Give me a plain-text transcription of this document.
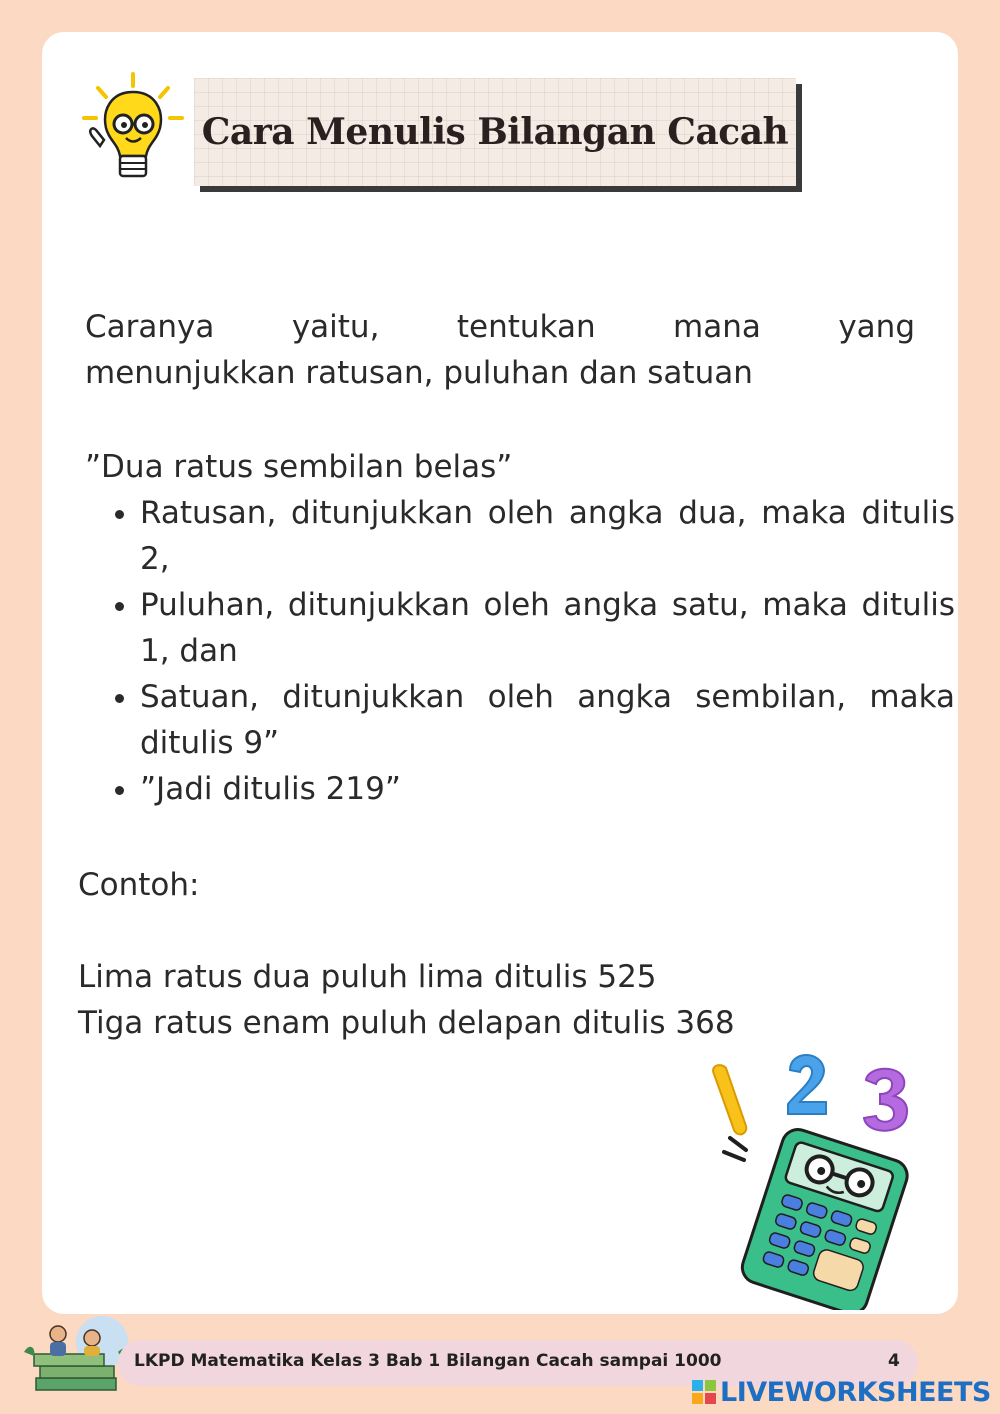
Cara Menulis Bilangan Cacah
Caranya yaitu, tentukan mana yang
menunjukkan ratusan, puluhan dan satuan
”Dua ratus sembilan belas”
• Ratusan, ditunjukkan oleh angka dua, maka ditulis 2,
• Puluhan, ditunjukkan oleh angka satu, maka ditulis 1, dan
• Satuan, ditunjukkan oleh angka sembilan, maka ditulis 9”
• ”Jadi ditulis 219”
Contoh:
Lima ratus dua puluh lima ditulis 525
Tiga ratus enam puluh delapan ditulis 368
LKPD Matematika Kelas 3 Bab 1 Bilangan Cacah sampai 1000	4
LIVEWORKSHEETS
